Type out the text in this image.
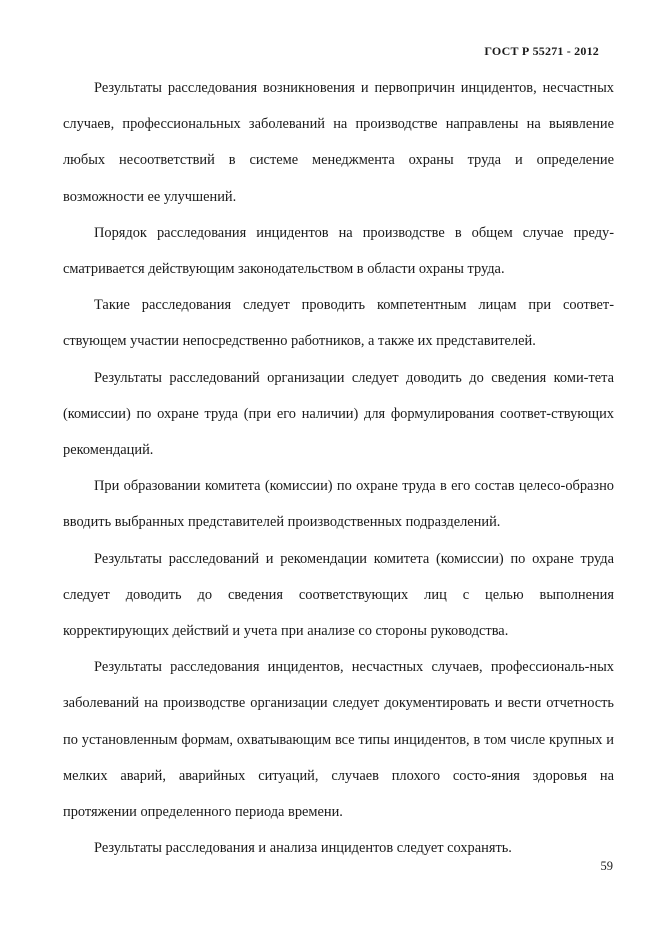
ГОСТ Р 55271 - 2012

Результаты расследования возникновения и первопричин инцидентов, несчастных случаев, профессиональных заболеваний на производстве направлены на выявление любых несоответствий в системе менеджмента охраны труда и определение возможности ее улучшений.

Порядок расследования инцидентов на производстве в общем случае преду-сматривается действующим законодательством в области охраны труда.

Такие расследования следует проводить компетентным лицам при соответ-ствующем участии непосредственно работников, а также их представителей.

Результаты расследований организации следует доводить до сведения коми-тета (комиссии) по охране труда (при его наличии) для формулирования соответ-ствующих рекомендаций.

При образовании комитета (комиссии) по охране труда в его состав целесо-образно вводить выбранных представителей производственных подразделений.

Результаты расследований и рекомендации комитета (комиссии) по охране труда следует доводить до сведения соответствующих лиц с целью выполнения корректирующих действий и учета при анализе со стороны руководства.

Результаты расследования инцидентов, несчастных случаев, профессиональ-ных заболеваний на производстве организации следует документировать и вести отчетность по установленным формам, охватывающим все типы инцидентов, в том числе крупных и мелких аварий, аварийных ситуаций, случаев плохого состо-яния здоровья на протяжении определенного периода времени.

Результаты расследования и анализа инцидентов следует сохранять.

59
